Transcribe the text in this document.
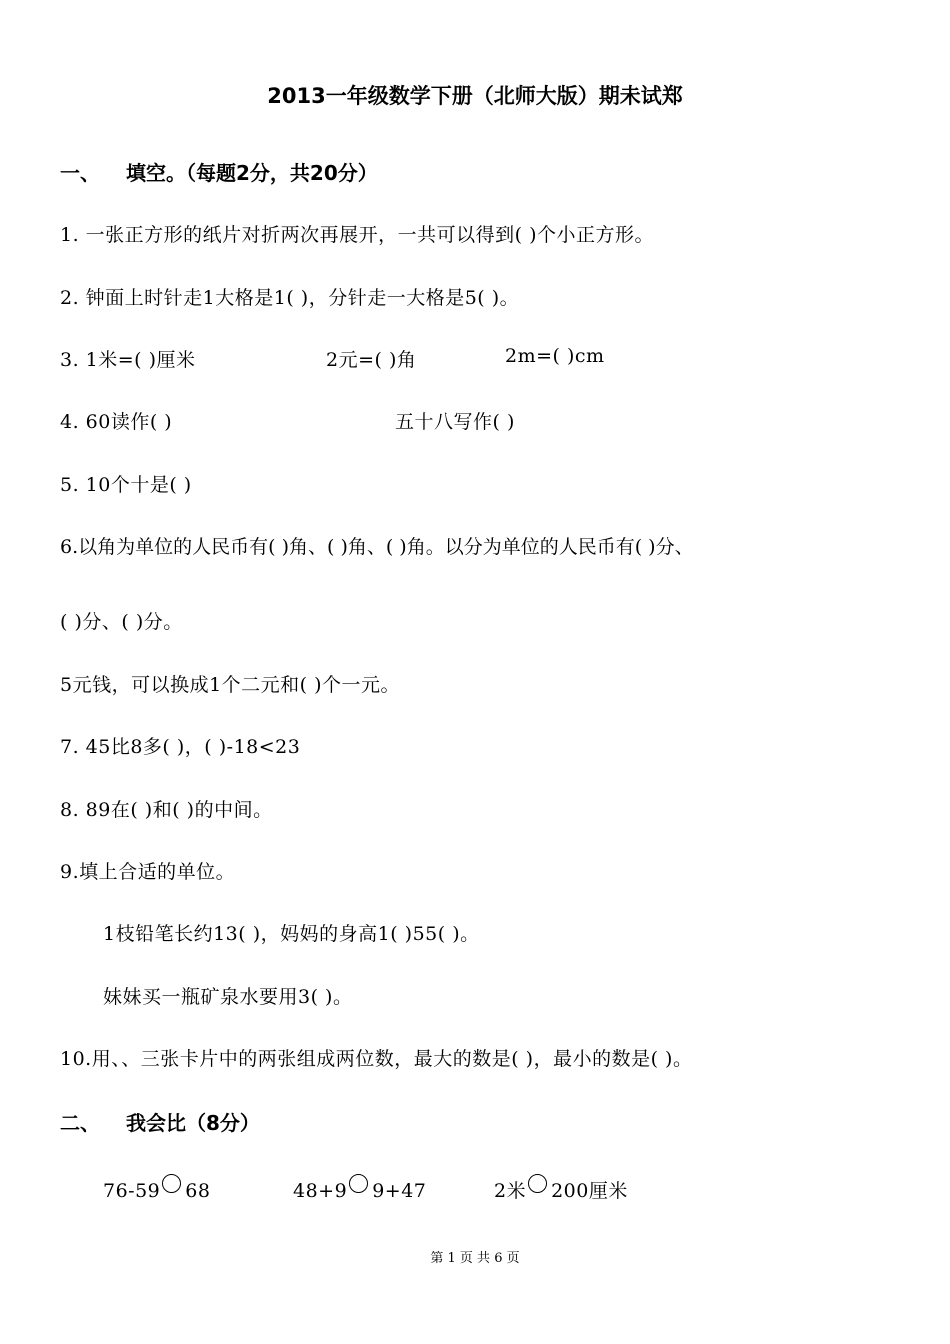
2013一年级数学下册（北师大版）期未试郑
一、 填空。（每题2分，共20分）
1. 一张正方形的纸片对折两次再展开，一共可以得到( )个小正方形。
2. 钟面上时针走1大格是1( )，分针走一大格是5( )。
3. 1米=( )厘米	2元=( )角	2m=( )cm
4. 60读作( )	五十八写作( )
5. 10个十是( )
6.以角为单位的人民币有( )角、( )角、( )角。以分为单位的人民币有( )分、
( )分、( )分。
5元钱，可以换成1个二元和( )个一元。
7. 45比8多( )，( )-18<23
8. 89在( )和( )的中间。
9.填上合适的单位。
1枝铅笔长约13( )，妈妈的身高1( )55( )。
妹妹买一瓶矿泉水要用3( )。
10.用、、三张卡片中的两张组成两位数，最大的数是( )，最小的数是( )。
二、 我会比（8分）
76-59 68	48+9 9+47	2米 200厘米
第 1 页 共 6 页
